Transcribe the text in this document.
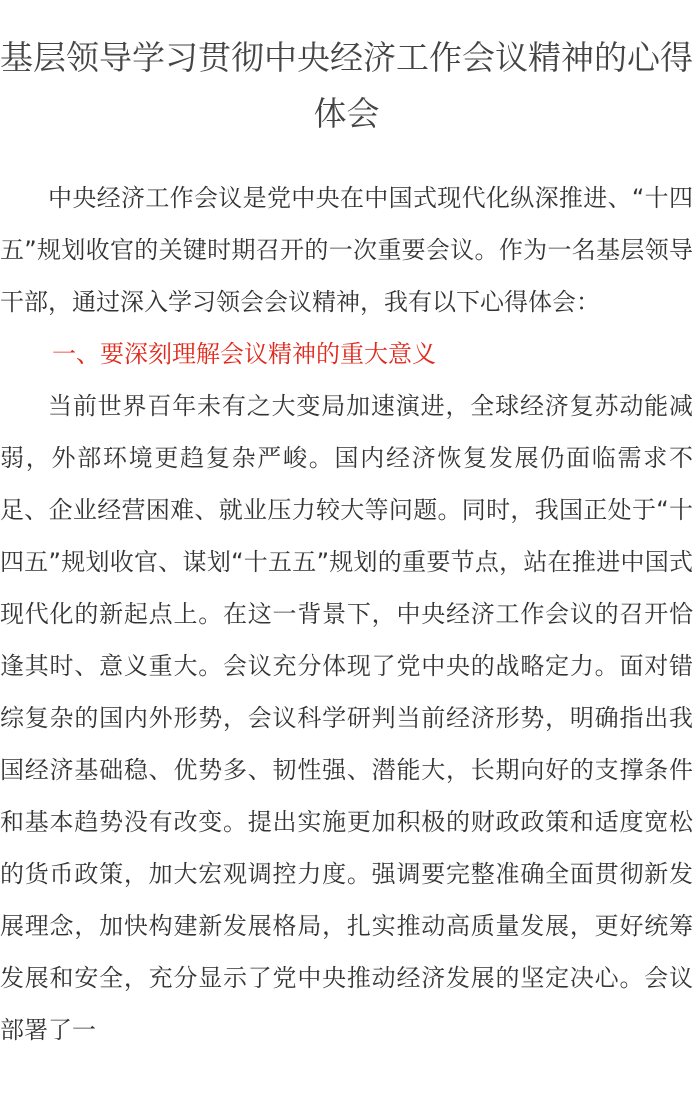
基层领导学习贯彻中央经济工作会议精神的心得体会

中央经济工作会议是党中央在中国式现代化纵深推进、“十四五”规划收官的关键时期召开的一次重要会议。作为一名基层领导干部，通过深入学习领会会议精神，我有以下心得体会：

一、要深刻理解会议精神的重大意义

当前世界百年未有之大变局加速演进，全球经济复苏动能减弱，外部环境更趋复杂严峻。国内经济恢复发展仍面临需求不足、企业经营困难、就业压力较大等问题。同时，我国正处于“十四五”规划收官、谋划“十五五”规划的重要节点，站在推进中国式现代化的新起点上。在这一背景下，中央经济工作会议的召开恰逢其时、意义重大。会议充分体现了党中央的战略定力。面对错综复杂的国内外形势，会议科学研判当前经济形势，明确指出我国经济基础稳、优势多、韧性强、潜能大，长期向好的支撑条件和基本趋势没有改变。提出实施更加积极的财政政策和适度宽松的货币政策，加大宏观调控力度。强调要完整准确全面贯彻新发展理念，加快构建新发展格局，扎实推动高质量发展，更好统筹发展和安全，充分显示了党中央推动经济发展的坚定决心。会议部署了一
